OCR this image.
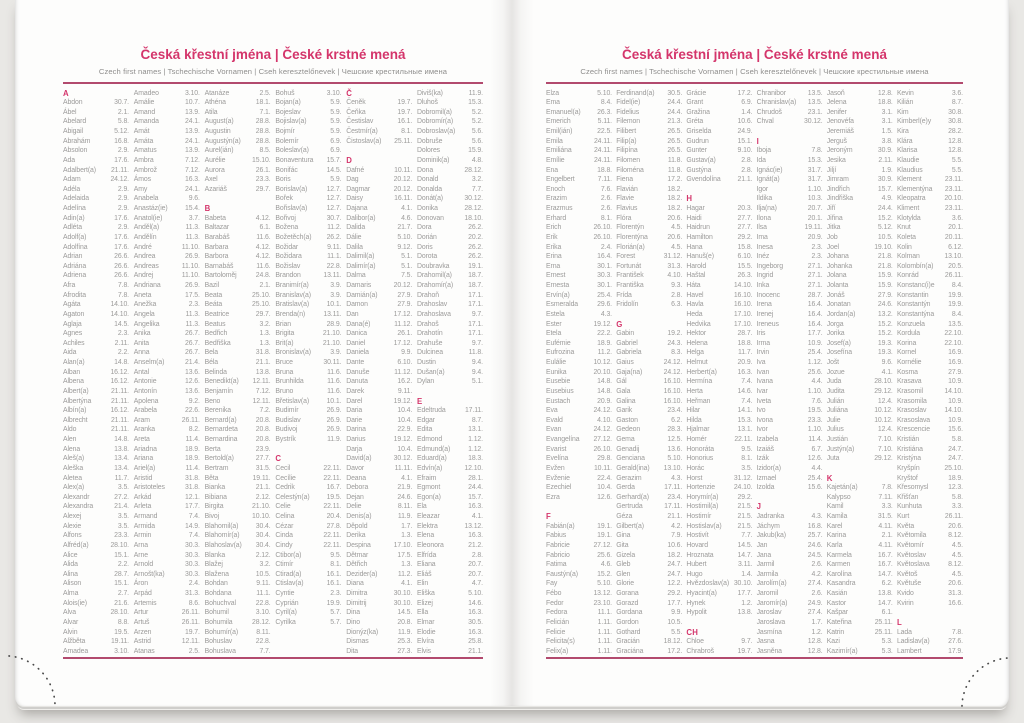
Česká křestní jména | České krstné mená
Czech first names | Tschechische Vornamen | Cseh keresztelőnevek | Чешские крестильные имена
A
Abdon	30.7.
Ábel	2.1.
Abelard	5.8.
Abigail	5.12.
Abrahám	16.8.
Absolon	2.9.
Ada	17.6.
Adalbert(a) 21.11.
Adam	24.12.
Adéla	2.9.
Adelaida	2.9.
Adelína	2.9.
Adin(a)	17.6.
Adléta	2.9.
Adolf(a)	17.6.
Adolfína	17.6.
Adrian	26.6.
Adriána	26.6.
Adriena	26.6.
Afra	7.8.
Afrodita	7.8.
Agáta	14.10.
Agaton	14.10.
Aglaja	14.5.
Agnes	2.3.
Achiles	2.11.
Aida	2.2.
Alan(a)	14.8.
Alban	16.12.
Albena	16.12.
Albert(a)	21.11.
Albertýna	21.11.
Albín(a)	16.12.
Albrecht	21.11.
Aldo	21.11.
Alen	14.8.
Alena	13.8.
Aleš(a)	13.4.
Aleška	13.4.
Aletea	11.7.
Alex(a)	3.5.
Alexandr	27.2.
Alexandra	21.4.
Alexej	3.5.
Alexie	3.5.
Alfons	23.3.
Alfréd(a)	28.10.
Alice	15.1.
Alida	2.2.
Alina	28.7.
Alison	15.1.
Alma	2.7.
Alois(ie)	21.6.
Alva	28.10.
Alvar	8.8.
Alvin	19.5.
Alžběta	19.11.
Amadea	3.10.
Amadeo	3.10.
Amálie	10.7.
Amand	13.9.
Amanda	24.1.
Amát	13.9.
Amáta	24.1.
Amatus	13.9.
Ambra	7.12.
Ambrož	7.12.
Ámos	16.3.
Amy	24.1.
Anabela	9.6.
Anastáz(ie)	15.4.
Anatol(ie)	3.7.
Anděl(a)	11.3.
Andělín	11.3.
André	11.10.
Andrea	26.9.
Andreas	11.10.
Andrej	11.10.
Andriana	26.9.
Aneta	17.5.
Anežka	2.3.
Angela	11.3.
Angelika	11.3.
Anika	26.7.
Anita	26.7.
Anna	26.7.
Anselm(a)	21.4.
Antal	13.6.
Antonie	12.6.
Antonín	13.6.
Apolena	9.2.
Arabela	22.6.
Aram	26.11.
Aranka	8.2.
Areta	11.4.
Ariadna	18.9.
Ariana	18.9.
Ariel(a)	11.4.
Aristid	31.8.
Aristoteles	31.8.
Arkád	12.1.
Arleta	17.7.
Armand	7.4.
Armida	14.9.
Armin	7.4.
Arna	30.3.
Arne	30.3.
Arnold	30.3.
Arnošt(ka)	30.3.
Áron	2.4.
Arpád	31.3.
Artemis	8.6.
Artur	26.11.
Artuš	26.11.
Arzen	19.7.
Astrid	12.11.
Atanas	2.5.
Atanáze	2.5.
Athéna	18.1.
Atila	7.1.
August(a)	28.8.
Augustin	28.8.
Augustýn(a) 28.8.
Aurel(ián)	8.5.
Aurélie	15.10.
Aurora	26.1.
Axel	23.3.
Azariáš	29.7.
B
Babeta	4.12.
Baltazar	6.1.
Barabáš	11.6.
Barbara	4.12.
Barbora	4.12.
Barnabáš	11.6.
Bartoloměj	24.8.
Bazil	2.1.
Beata	25.10.
Beáta	25.10.
Beatrice	29.7.
Beatus	3.2.
Bedřich	1.3.
Bedřiška	1.3.
Bela	31.8.
Béla	21.1.
Belinda	13.8.
Benedikt(a) 12.11.
Benjamín	7.12.
Beno	12.11.
Berenika	7.2.
Bernard(a)	20.8.
Bernardeta	20.8.
Bernardina	20.8.
Berta	23.9.
Bertold(a)	27.7.
Bertram	31.5.
Běta	19.11.
Bianka	21.1.
Bibiana	2.12.
Birgita	21.10.
Bivoj	10.10.
Blahomil(a)	30.4.
Blahomír(a) 30.4.
Blahoslav(a) 30.4.
Blanka	2.12.
Blažej	3.2.
Blažena	10.5.
Bohdan	9.11.
Bohdana	11.1.
Bohuchval	22.8.
Bohumil	3.10.
Bohumila	28.12.
Bohumír(a)	8.11.
Bohuslav	22.8.
Bohuslava	7.7.
Bohuš	3.10.
Bojan(a)	5.9.
Bojeslav	5.9.
Bojislav(a)	5.9.
Bojmír	5.9.
Bolemír	6.9.
Boleslav(a)	6.9.
Bonaventura 15.7.
Bonifác	14.5.
Boris	5.9.
Borislav(a)	12.7.
Bořek	12.7.
Bořislav(a)	12.7.
Bořivoj	30.7.
Božena	11.2.
Božetěch(a) 26.2.
Božidar	9.11.
Božidara	11.1.
Božislav	22.8.
Brandon	13.11.
Branimír(a)	3.9.
Branislav(a)	3.9.
Bratislav(a)	10.1.
Brenda(n)	13.11.
Brian	28.9.
Brigita	21.10.
Brit(a)	21.10.
Bronislav(a)	3.9.
Bruce	30.11.
Bruna	11.6.
Brunhilda	11.6.
Bruno	11.6.
Břetislav(a)	10.1.
Budimír	26.9.
Budislav	26.9.
Budivoj	26.9.
Bystrík	11.9.
C
Cecil	22.11.
Cecílie	22.11.
Cedrik	16.7.
Celestýn(a) 19.5.
Celie	22.11.
Celina	20.4.
Cézar	27.8.
Cinda	22.11.
Cindy	22.11.
Ctibor(a)	9.5.
Ctimír	8.1.
Ctirad(a)	16.1.
Ctislav(a)	16.1.
Cyntie	2.3.
Cyprián	19.9.
Cyril(a)	5.7.
Cyrilka	5.7.
Č
Čeněk	19.7.
Čeňka	19.7.
Čestislav	16.1.
Čestmír(a)	8.1.
Čistoslav(a) 25.11.
D
Dafné	10.11.
Dag	20.12.
Dagmar	20.12.
Daisy	16.11.
Dajana	4.1.
Dalibor(a)	4.6.
Dalida	21.7.
Dálie	5.10.
Dalila	9.12.
Dalimil(a)	5.1.
Dalimír(a)	5.1.
Dalma	7.5.
Damaris	20.12.
Damián(a)	27.9.
Damon	27.9.
Dan	17.12.
Dana(é)	11.12.
Danica	26.1.
Daniel	17.12.
Daniela	9.9.
Dante	6.10.
Danuše	11.12.
Danuta	16.2.
Darek	9.11.
Darel	19.12.
Daria	10.4.
Darie	10.4.
Darina	22.9.
Darius	19.12.
Darja	10.4.
David(a)	30.12.
Davor	11.11.
Deana	4.1.
Debora	21.9.
Dejan	24.6.
Delie	8.11.
Denis(a)	11.9.
Děpold	1.7.
Derika	1.3.
Despina	17.10.
Dětmar	17.5.
Dětřich	1.3.
Dezider(a)	11.2.
Diana	4.1.
Dimitra	30.10.
Dimitrij	30.10.
Dina	14.5.
Dino	20.8.
Dionýz(ka)	11.9.
Dismas	25.3.
Dita	27.3.
Diviš(ka)	11.9.
Dluhoš	15.3.
Dobromil(a)	5.2.
Dobromír(a)	5.2.
Dobroslav(a) 5.6.
Dobruše	5.6.
Dolores	15.9.
Dominik(a)	4.8.
Dona	28.12.
Donald	3.2.
Donalda	7.7.
Donát(a)	30.12.
Donika	28.12.
Donovan	18.10.
Dora	26.2.
Dorián	20.2.
Doris	26.2.
Dorota	26.2.
Doubravka	19.1.
Drahomil(a) 18.7.
Drahomír(a) 18.7.
Drahoň	17.1.
Drahoslav	17.1.
Drahoslava	9.7.
Drahoš	17.1.
Drahotín	17.1.
Drahuše	9.7.
Dulcinea	11.8.
Dustin	9.4.
Dušan(a)	9.4.
Dylan	5.1.
E
Edeltruda	17.11.
Edgar	8.7.
Edita	13.1.
Edmond	1.12.
Edmund(a)	1.12.
Eduard(a)	18.3.
Edvín(a)	12.10.
Efraim	28.1.
Egmont	24.4.
Egon(a)	15.7.
Ela	16.3.
Eleazar	4.1.
Elektra	13.12.
Elena	16.3.
Eleonora	21.2.
Elfrída	2.8.
Eliana	20.7.
Eliáš	20.7.
Elin	4.7.
Eliška	5.10.
Elizej	14.6.
Ella	16.3.
Elmar	30.5.
Elodie	16.3.
Elvíra	25.8.
Elvis	21.1.
Česká křestní jména | České krstné mená
Czech first names | Tschechische Vornamen | Cseh keresztelőnevek | Чешские крестильные имена
Elza	5.10.
Ema	8.4.
Emanuel(a) 26.3.
Emerich	5.11.
Emil(ián)	22.5.
Emila	24.11.
Emiliána	24.11.
Emílie	24.11.
Ena	18.8.
Engelbert	7.11.
Enoch	7.6.
Erazim	2.6.
Erazmus	2.6.
Erhard	8.1.
Erich	26.10.
Erik	26.10.
Erika	2.4.
Erina	16.4.
Erna	30.1.
Ernest	30.3.
Ernesta	30.1.
Ervín(a)	25.4.
Esmeralda	29.6.
Estela	4.3.
Ester	19.12.
Etela	22.2.
Eufémie	18.9.
Eufrozina	11.2.
Eulálie	10.12.
Eunika	20.10.
Eusebie	14.8.
Eusebius	14.8.
Eustach	20.9.
Eva	24.12.
Evald	4.10.
Evan	24.12.
Evangelína 27.12.
Evarist	26.10.
Evelína	29.8.
Evžen	10.11.
Evženie	22.4.
Ezechiel	10.4.
Ezra	12.6.
F
Fabián(a)	19.1.
Fabius	19.1.
Fabricie	27.12.
Fabricio	25.6.
Fatima	4.6.
Faustýn(a)	15.2.
Fay	5.10.
Fébo	13.12.
Fedor	23.10.
Fedora	11.1.
Felicián	1.11.
Felicie	1.11.
Felicita(s)	1.11.
Felix(a)	1.11.
Ferdinand(a) 30.5.
Fidel(ie)	24.4.
Fidelius	24.4.
Filemon	21.3.
Filibert	26.5.
Filip(a)	26.5.
Filipína	26.5.
Filomen	11.8.
Filoména	11.8.
Fiena	17.2.
Flavián	18.2.
Flavie	18.2.
Flavius	18.2.
Flóra	20.6.
Florentýn	4.5.
Florentýna	20.6.
Florián(a)	4.5.
Forest	31.12.
Fortunát	31.3.
František	4.10.
Františka	9.3.
Frída	2.8.
Fridolín	6.3.
G
Gabin	19.2.
Gabriel	24.3.
Gabriela	8.3.
Gaius	24.12.
Gaja(na)	24.12.
Gál	16.10.
Gala	16.10.
Galina	16.10.
Garik	23.4.
Gaston	6.2.
Gedeon	28.3.
Gema	12.5.
Genadij	13.6.
Genciana	5.10.
Gerald(ina) 13.10.
Gerazim	4.3.
Gerda	17.11.
Gerhard(a)	23.4.
Gertruda	17.11.
Géza	21.1.
Gilbert(a)	4.2.
Gina	7.9.
Gita	10.6.
Gizela	18.2.
Gleb	24.7.
Glen	24.7.
Glorie	12.2.
Gorana	29.2.
Gorazd	17.7.
Gordana	9.9.
Gordon	10.5.
Gothard	5.5.
Gracián	18.12.
Graciána	17.2.
Grácie	17.2.
Grant	6.9.
Gražina	1.4.
Gréta	10.6.
Griselda	24.9.
Gudrun	15.1.
Gunter	9.10.
Gustav(a)	2.8.
Gustýna	2.8.
Gvendolína 21.1.
H
Hagar	20.3.
Haidi	27.7.
Haidrun	27.7.
Hamilton	29.2.
Hana	15.8.
Hanuš(e)	6.10.
Harold	15.5.
Haštal	26.3.
Háta	14.10.
Havel	16.10.
Havla	16.10.
Heda	17.10.
Hedvika	17.10.
Hektor	28.7.
Helena	18.8.
Helga	11.7.
Helmut	20.9.
Herbert(a)	16.3.
Hermína	7.4.
Herta	14.6.
Heřman	7.4.
Hilar	14.1.
Hilda	15.3.
Hjalmar	13.1.
Homér	22.11.
Honoráta	9.5.
Honorius	8.1.
Horác	3.5.
Horst	31.12.
Hortenzie	24.10.
Horymír(a)	29.2.
Hostimil(a)	21.5.
Hostimír	21.5.
Hostislav(a) 21.5.
Hostivít	7.7.
Hovard	14.5.
Hroznata	14.7.
Hubert	3.11.
Hugo	1.4.
Hvězdoslav(a) 30.10.
Hyacint(a)	17.7.
Hynek	1.2.
Hypolit	13.8.
CH
Chloe	9.7.
Chrabroš	19.7.
Chranibor	13.5.
Chranislav(a) 13.5.
Chrudoš	23.1.
Chval	30.12.
I
Iboja	7.8.
Ida	15.3.
Ignác(ie)	31.7.
Ignát(a)	31.7.
Igor	1.10.
Ildika	10.3.
Ilja(na)	20.7.
Ilona	20.1.
Ilsa	19.11.
Ima	20.9.
Inesa	2.3.
Inéz	2.3.
Ingeborg	27.1.
Ingrid	27.1.
Inka	27.1.
Inocenc	28.7.
Irena	16.4.
Irenej	16.4.
Ireneus	16.4.
Iris	17.7.
Irma	10.9.
Irvin	25.4.
Iva	1.12.
Ivan	25.6.
Ivana	4.4.
Ivar	1.10.
Iveta	7.6.
Ivo	19.5.
Ivona	23.3.
Ivor	1.10.
Izabela	11.4.
Izaiáš	6.7.
Izák	12.6.
Izidor(a)	4.4.
Izmael	25.4.
Izolda	15.6.
J
Jadranka	4.3.
Jáchym	16.8.
Jakub(ka)	25.7.
Jan	24.6.
Jana	24.5.
Jarmil	2.6.
Jarmila	4.2.
Jarolím(a)	27.4.
Jaromil	2.6.
Jaromír(a)	24.9.
Jaroslav	27.4.
Jaroslava	1.7.
Jasmína	1.2.
Jasna	12.8.
Jasněna	12.8.
Jasoň	12.8.
Jelena	18.8.
Jenifer	3.1.
Jenovéfa	3.1.
Jeremiáš	1.5.
Jerguš	3.8.
Jeroným	30.9.
Jesika	2.11.
Jiljí	1.9.
Jimram	30.9.
Jindřich	15.7.
Jindřiška	4.9.
Jiří	24.4.
Jiřina	15.2.
Jitka	5.12.
Job	10.5.
Joel	19.10.
Johana	21.8.
Johanka	21.8.
Jolana	15.9.
Jolanta	15.9.
Jonáš	27.9.
Jonatan	24.6.
Jordan(a)	13.2.
Jorga	15.2.
Jorika	15.2.
Josef(a)	19.3.
Josefína	19.3.
Jošt	9.6.
Jozue	4.1.
Juda	28.10.
Judita	29.12.
Julián	12.4.
Juliána	10.12.
Julie	10.12.
Julius	12.4.
Justián	7.10.
Justýn(a)	7.10.
Juta	29.12.
K
Kajetán(a)	7.8.
Kalypso	7.11.
Kamil	3.3.
Kamila	31.5.
Karel	4.11.
Karina	2.1.
Karla	4.11.
Karmela	16.7.
Karmen	16.7.
Karolína	14.7.
Kasandra	6.2.
Kasián	13.8.
Kastor	14.7.
Kašpar	6.1.
Kateřina	25.11.
Katrin	25.11.
Kazi	5.3.
Kazimír(a)	5.3.
Kevin	3.6.
Kilián	8.7.
Kim	30.8.
Kimberl(e)y 30.8.
Kira	28.2.
Klára	12.8.
Klarisa	12.8.
Klaudie	5.5.
Klaudius	5.5.
Klement	23.11.
Klementýna 23.11.
Kleopatra	20.10.
Kliment	23.11.
Klotylda	3.6.
Knut	20.1.
Koleta	20.11.
Kolin	6.12.
Kolman	13.10.
Kolombín(a) 20.5.
Konrád	26.11.
Konstanc(i)e	8.4.
Konstantin	19.9.
Konstantýn	19.9.
Konstantýna	8.4.
Konzuela	13.5.
Kordula	22.10.
Korina	22.10.
Kornel	16.9.
Kornélie	16.9.
Kosma	27.9.
Krasava	10.9.
Krasomil	14.10.
Krasomila	10.9.
Krasoslav	14.10.
Krasoslava	10.9.
Krescencie	15.6.
Kristián	5.8.
Kristiána	24.7.
Kristýna	24.7.
Kryšpín	25.10.
Kryštof	18.9.
Křesomysl	12.3.
Křišťan	5.8.
Kunhuta	3.3.
Kurt	26.11.
Květa	20.6.
Květomila	8.12.
Květomír	4.5.
Květoslav	4.5.
Květoslava	8.12.
Květoš	4.5.
Květuše	20.6.
Kvido	31.3.
Kvirin	16.6.
L
Lada	7.8.
Ladislav(a)	27.6.
Lambert	17.9.
